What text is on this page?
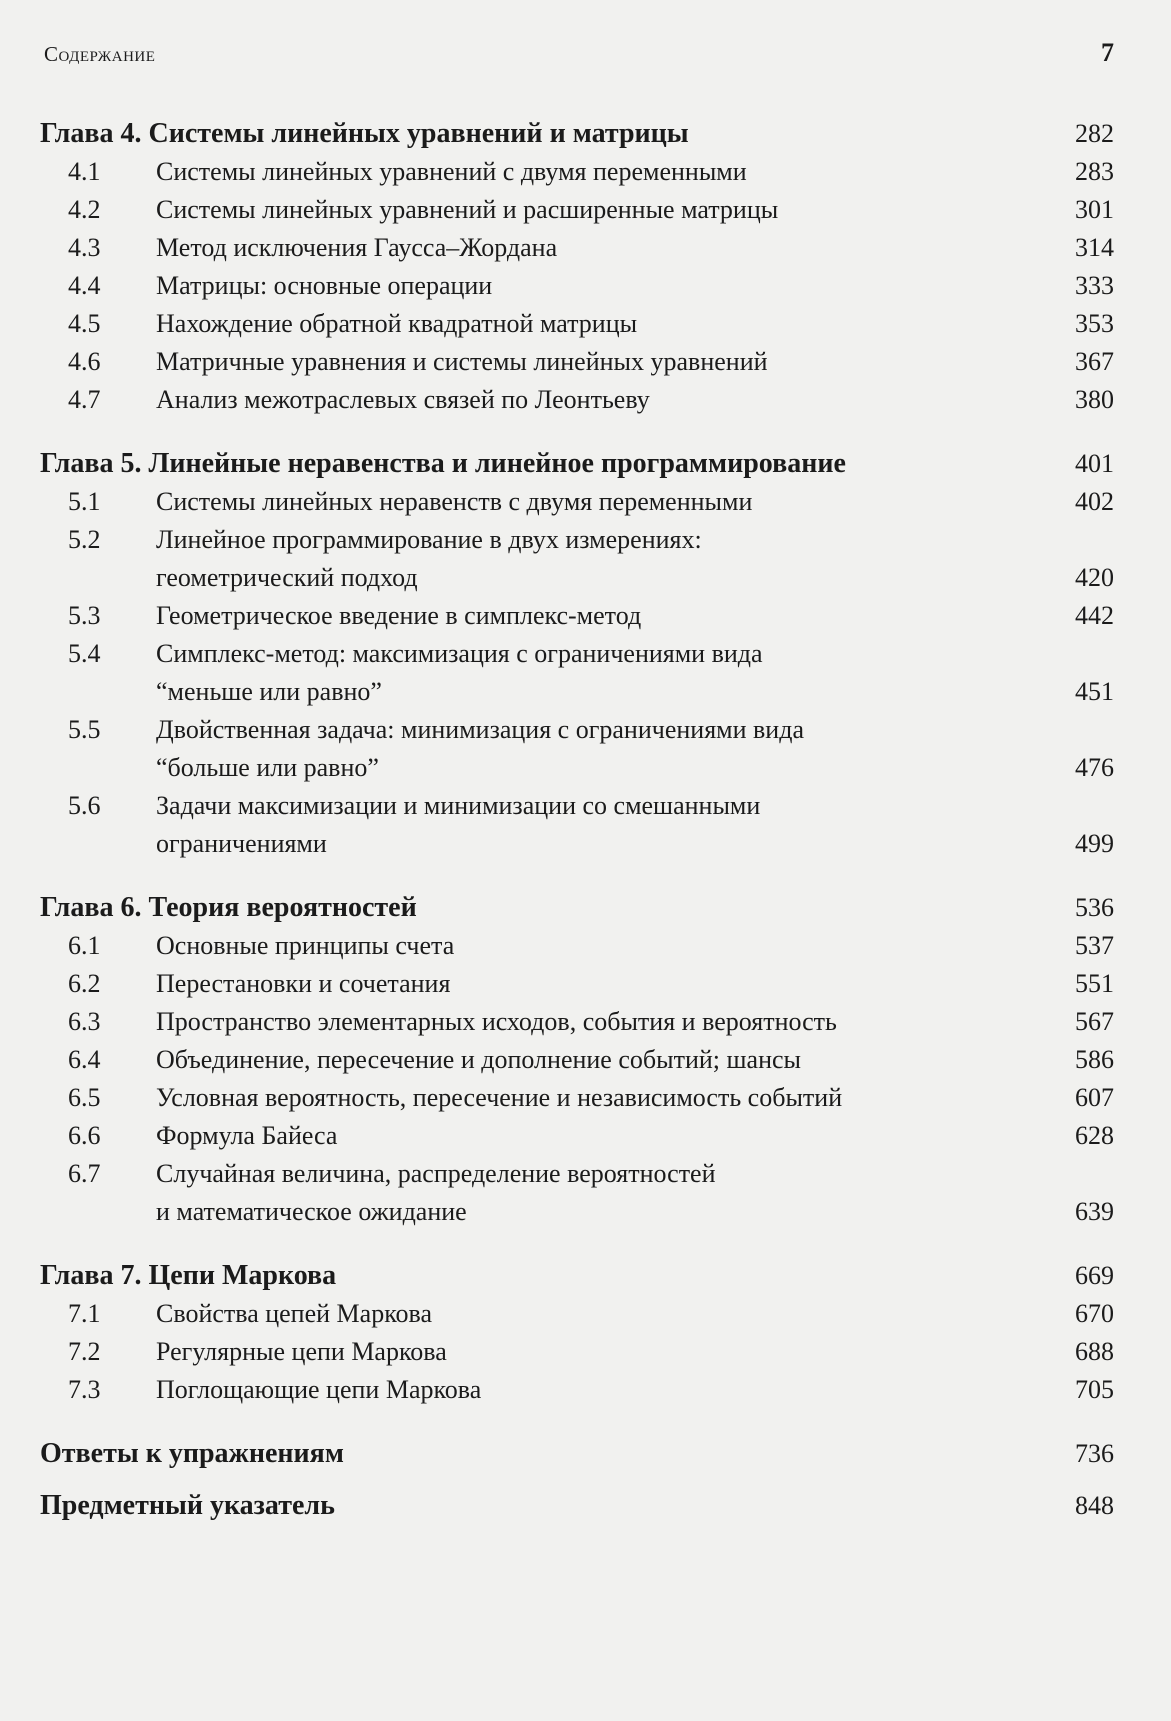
Содержание	7
Глава 4. Системы линейных уравнений и матрицы	282
4.1	Системы линейных уравнений с двумя переменными	283
4.2	Системы линейных уравнений и расширенные матрицы	301
4.3	Метод исключения Гаусса–Жордана	314
4.4	Матрицы: основные операции	333
4.5	Нахождение обратной квадратной матрицы	353
4.6	Матричные уравнения и системы линейных уравнений	367
4.7	Анализ межотраслевых связей по Леонтьеву	380
Глава 5. Линейные неравенства и линейное программирование	401
5.1	Системы линейных неравенств с двумя переменными	402
5.2	Линейное программирование в двух измерениях:
геометрический подход	420
5.3	Геометрическое введение в симплекс-метод	442
5.4	Симплекс-метод: максимизация с ограничениями вида
“меньше или равно”	451
5.5	Двойственная задача: минимизация с ограничениями вида
“больше или равно”	476
5.6	Задачи максимизации и минимизации со смешанными
ограничениями	499
Глава 6. Теория вероятностей	536
6.1	Основные принципы счета	537
6.2	Перестановки и сочетания	551
6.3	Пространство элементарных исходов, события и вероятность	567
6.4	Объединение, пересечение и дополнение событий; шансы	586
6.5	Условная вероятность, пересечение и независимость событий	607
6.6	Формула Байеса	628
6.7	Случайная величина, распределение вероятностей
и математическое ожидание	639
Глава 7. Цепи Маркова	669
7.1	Свойства цепей Маркова	670
7.2	Регулярные цепи Маркова	688
7.3	Поглощающие цепи Маркова	705
Ответы к упражнениям	736
Предметный указатель	848
